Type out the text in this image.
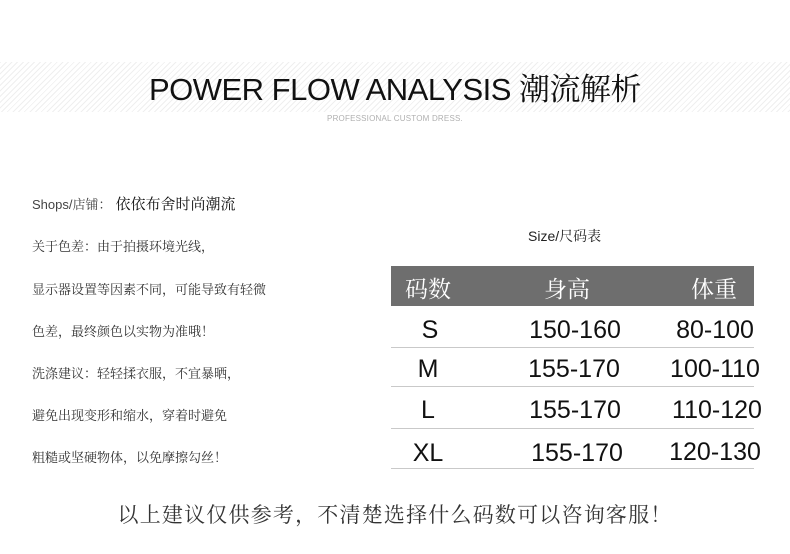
POWER FLOW ANALYSIS 潮流解析
PROFESSIONAL CUSTOM DRESS.
Shops/店铺： 依依布舍时尚潮流
关于色差：由于拍摄环境光线，
显示器设置等因素不同，可能导致有轻微
色差，最终颜色以实物为准哦！
洗涤建议：轻轻揉衣服，不宜暴晒，
避免出现变形和缩水，穿着时避免
粗糙或坚硬物体，以免摩擦勾丝！
Size/尺码表
码数	身高	体重
S	150-160	80-100
M	155-170	100-110
L	155-170	110-120
XL	155-170	120-130
以上建议仅供参考，不清楚选择什么码数可以咨询客服！
